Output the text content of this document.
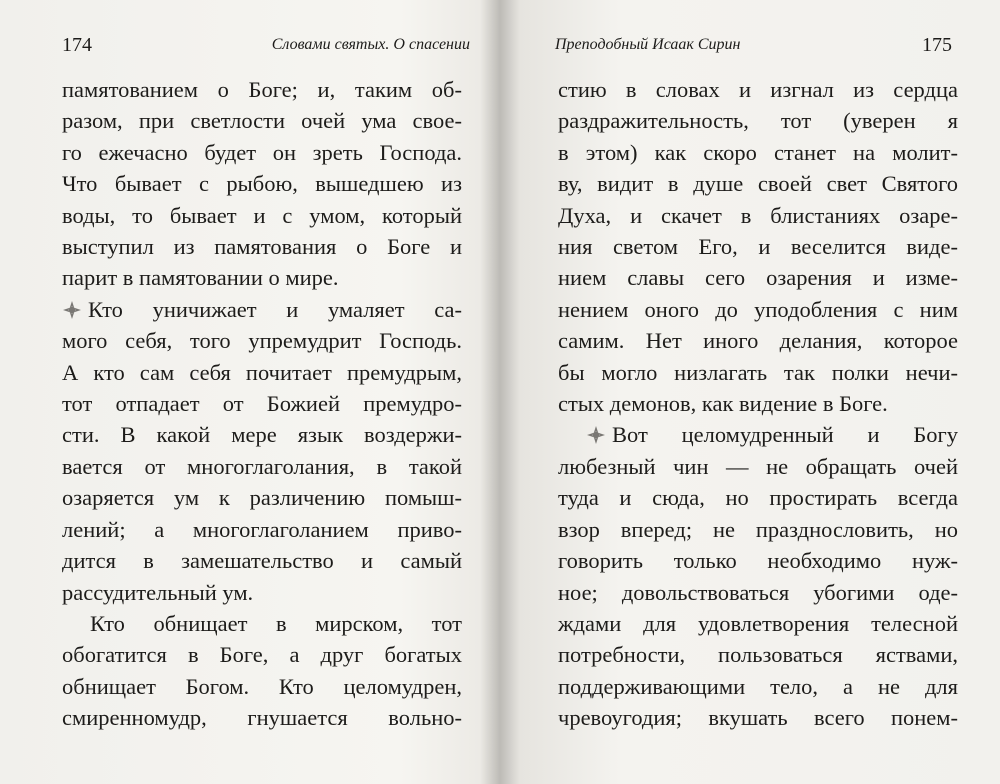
174	Словами святых. О спасении
памятованием о Боге; и, таким об-
разом, при светлости очей ума свое-
го ежечасно будет он зреть Господа.
Что бывает с рыбою, вышедшею из
воды, то бывает и с умом, который
выступил из памятования о Боге и
парит в памятовании о мире.
Кто уничижает и умаляет са-
мого себя, того упремудрит Господь.
А кто сам себя почитает премудрым,
тот отпадает от Божией премудро-
сти. В какой мере язык воздержи-
вается от многоглаголания, в такой
озаряется ум к различению помыш-
лений; а многоглаголанием приво-
дится в замешательство и самый
рассудительный ум.
Кто обнищает в мирском, тот
обогатится в Боге, а друг богатых
обнищает Богом. Кто целомудрен,
смиренномудр, гнушается вольно-
Преподобный Исаак Сирин	175
стию в словах и изгнал из сердца
раздражительность, тот (уверен я
в этом) как скоро станет на молит-
ву, видит в душе своей свет Святого
Духа, и скачет в блистаниях озаре-
ния светом Его, и веселится виде-
нием славы сего озарения и изме-
нением оного до уподобления с ним
самим. Нет иного делания, которое
бы могло низлагать так полки нечи-
стых демонов, как видение в Боге.
Вот целомудренный и Богу
любезный чин — не обращать очей
туда и сюда, но простирать всегда
взор вперед; не празднословить, но
говорить только необходимо нуж-
ное; довольствоваться убогими оде-
ждами для удовлетворения телесной
потребности, пользоваться яствами,
поддерживающими тело, а не для
чревоугодия; вкушать всего понем-
